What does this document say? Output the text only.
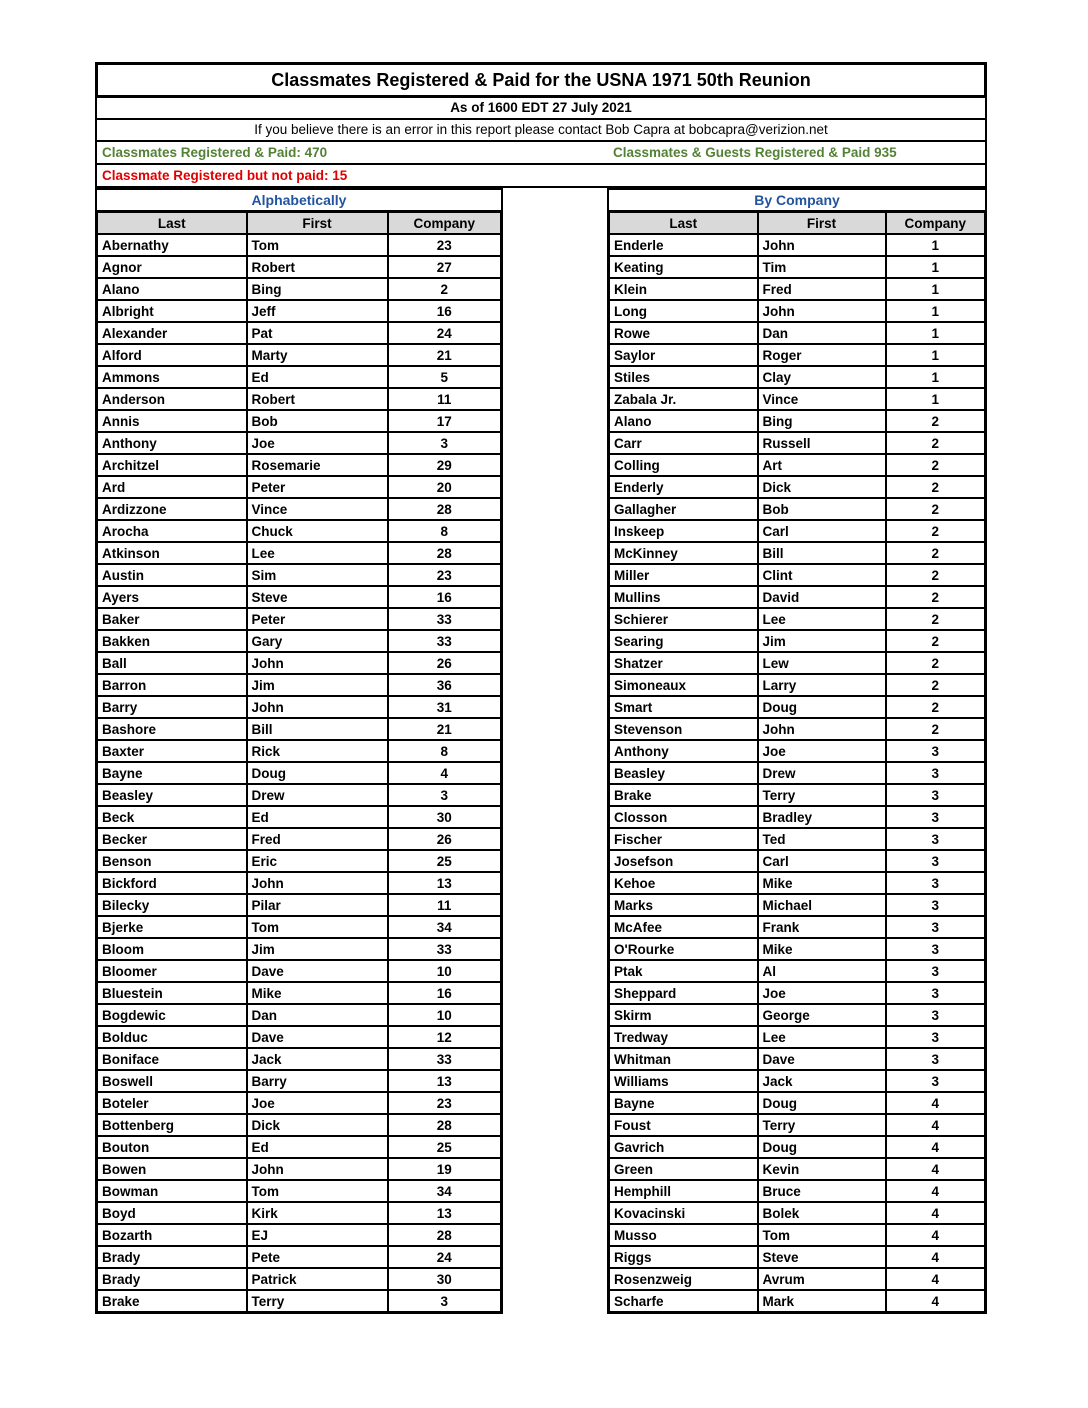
Classmates Registered & Paid for the USNA 1971 50th Reunion
As of 1600 EDT 27 July 2021
If you believe there is an error in this report please contact Bob Capra at bobcapra@verizion.net
Classmates Registered & Paid: 470	Classmates & Guests Registered & Paid 935
Classmate Registered but not paid: 15
Alphabetically
Last	First	Company
Abernathy	Tom	23
Agnor	Robert	27
Alano	Bing	2
Albright	Jeff	16
Alexander	Pat	24
Alford	Marty	21
Ammons	Ed	5
Anderson	Robert	11
Annis	Bob	17
Anthony	Joe	3
Architzel	Rosemarie	29
Ard	Peter	20
Ardizzone	Vince	28
Arocha	Chuck	8
Atkinson	Lee	28
Austin	Sim	23
Ayers	Steve	16
Baker	Peter	33
Bakken	Gary	33
Ball	John	26
Barron	Jim	36
Barry	John	31
Bashore	Bill	21
Baxter	Rick	8
Bayne	Doug	4
Beasley	Drew	3
Beck	Ed	30
Becker	Fred	26
Benson	Eric	25
Bickford	John	13
Bilecky	Pilar	11
Bjerke	Tom	34
Bloom	Jim	33
Bloomer	Dave	10
Bluestein	Mike	16
Bogdewic	Dan	10
Bolduc	Dave	12
Boniface	Jack	33
Boswell	Barry	13
Boteler	Joe	23
Bottenberg	Dick	28
Bouton	Ed	25
Bowen	John	19
Bowman	Tom	34
Boyd	Kirk	13
Bozarth	EJ	28
Brady	Pete	24
Brady	Patrick	30
Brake	Terry	3
By Company
Last	First	Company
Enderle	John	1
Keating	Tim	1
Klein	Fred	1
Long	John	1
Rowe	Dan	1
Saylor	Roger	1
Stiles	Clay	1
Zabala Jr.	Vince	1
Alano	Bing	2
Carr	Russell	2
Colling	Art	2
Enderly	Dick	2
Gallagher	Bob	2
Inskeep	Carl	2
McKinney	Bill	2
Miller	Clint	2
Mullins	David	2
Schierer	Lee	2
Searing	Jim	2
Shatzer	Lew	2
Simoneaux	Larry	2
Smart	Doug	2
Stevenson	John	2
Anthony	Joe	3
Beasley	Drew	3
Brake	Terry	3
Closson	Bradley	3
Fischer	Ted	3
Josefson	Carl	3
Kehoe	Mike	3
Marks	Michael	3
McAfee	Frank	3
O'Rourke	Mike	3
Ptak	Al	3
Sheppard	Joe	3
Skirm	George	3
Tredway	Lee	3
Whitman	Dave	3
Williams	Jack	3
Bayne	Doug	4
Foust	Terry	4
Gavrich	Doug	4
Green	Kevin	4
Hemphill	Bruce	4
Kovacinski	Bolek	4
Musso	Tom	4
Riggs	Steve	4
Rosenzweig	Avrum	4
Scharfe	Mark	4
